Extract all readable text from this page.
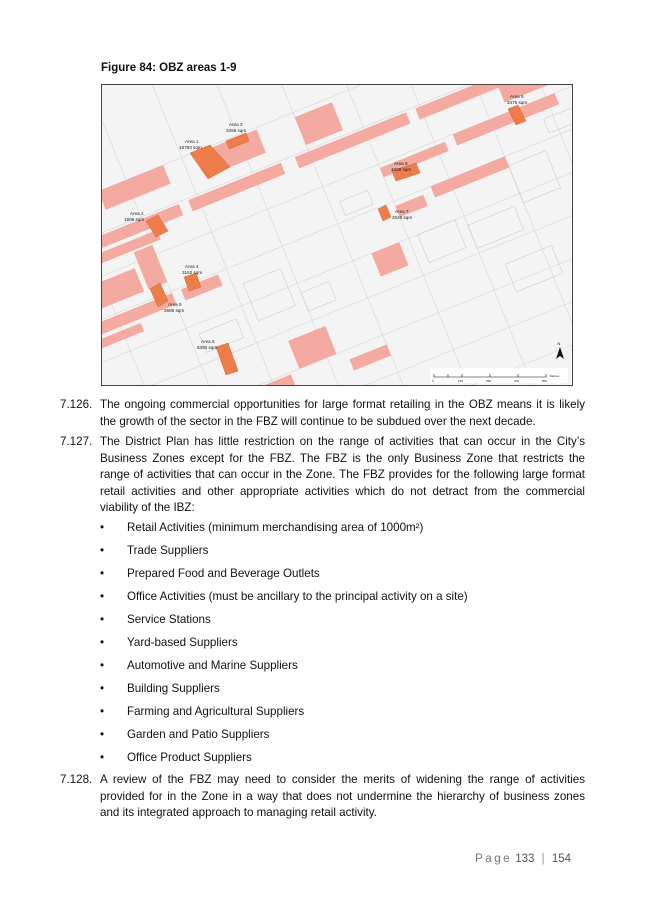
Figure 84: OBZ areas 1-9
Area 1
18793 sqm
Area 2
1808 sqm
Area 3
3256 sqm
Area 4
3162 sqm
Area 5
3688 sqm
Area 6
5390 sqm
Area 7
2546 sqm
Area 8
4608 sqm
Area 9
3475 sqm
N
0	125	250	375	500
Metres
7.126. The ongoing commercial opportunities for large format retailing in the OBZ means it is likely the growth of the sector in the FBZ will continue to be subdued over the next decade.
7.127. The District Plan has little restriction on the range of activities that can occur in the City’s Business Zones except for the FBZ. The FBZ is the only Business Zone that restricts the range of activities that can occur in the Zone. The FBZ provides for the following large format retail activities and other appropriate activities which do not detract from the commercial viability of the IBZ:
• Retail Activities (minimum merchandising area of 1000m²)
• Trade Suppliers
• Prepared Food and Beverage Outlets
• Office Activities (must be ancillary to the principal activity on a site)
• Service Stations
• Yard-based Suppliers
• Automotive and Marine Suppliers
• Building Suppliers
• Farming and Agricultural Suppliers
• Garden and Patio Suppliers
• Office Product Suppliers
7.128. A review of the FBZ may need to consider the merits of widening the range of activities provided for in the Zone in a way that does not undermine the hierarchy of business zones and its integrated approach to managing retail activity.
Page 133 | 154
